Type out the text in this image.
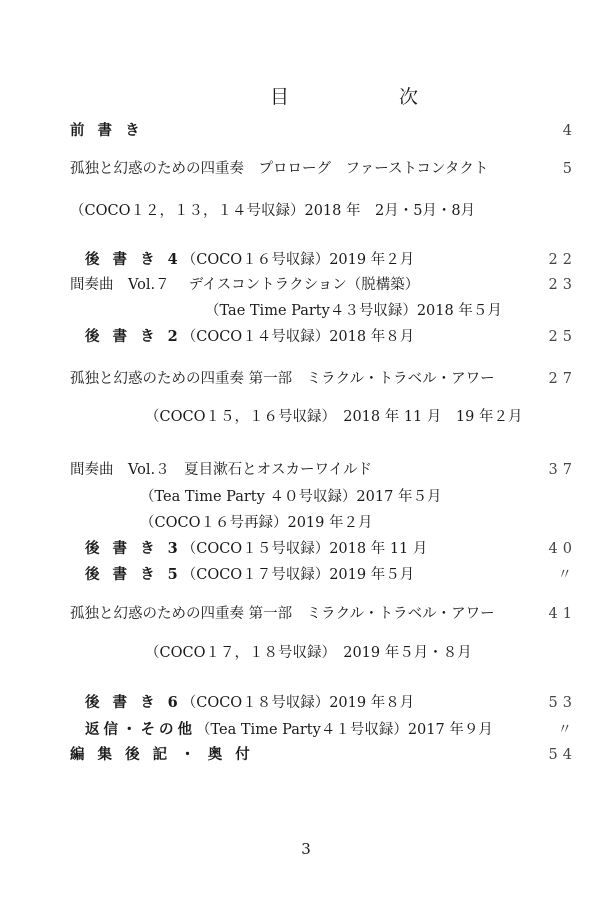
目 次
前 書 き	4
孤独と幻惑のための四重奏　プロローグ　ファーストコンタクト	5
（COCO１２，１３，１４号収録）2018 年　2月・5月・8月
後 書 き 4（COCO１６号収録）2019 年２月	22
間奏曲　Vol.７　 デイスコントラクション（脱構築）	23
（Tae Time Party４３号収録）2018 年５月
後 書 き 2（COCO１４号収録）2018 年８月	25
孤独と幻惑のための四重奏 第一部　ミラクル・トラベル・アワー	27
（COCO１５，１６号収録）　2018 年 11 月　19 年２月
間奏曲　Vol.３　夏目漱石とオスカーワイルド	37
（Tea Time Party ４０号収録）2017 年５月
（COCO１６号再録）2019 年２月
後 書 き 3（COCO１５号収録）2018 年 11 月	40
後 書 き 5（COCO１７号収録）2019 年５月	〃
孤独と幻惑のための四重奏 第一部　ミラクル・トラベル・アワー	41
（COCO１７，１８号収録）　2019 年５月・８月
後 書 き 6（COCO１８号収録）2019 年８月	53
返信・その他（Tea Time Party４１号収録）2017 年９月	〃
編 集 後 記 ・ 奥 付	54
3
